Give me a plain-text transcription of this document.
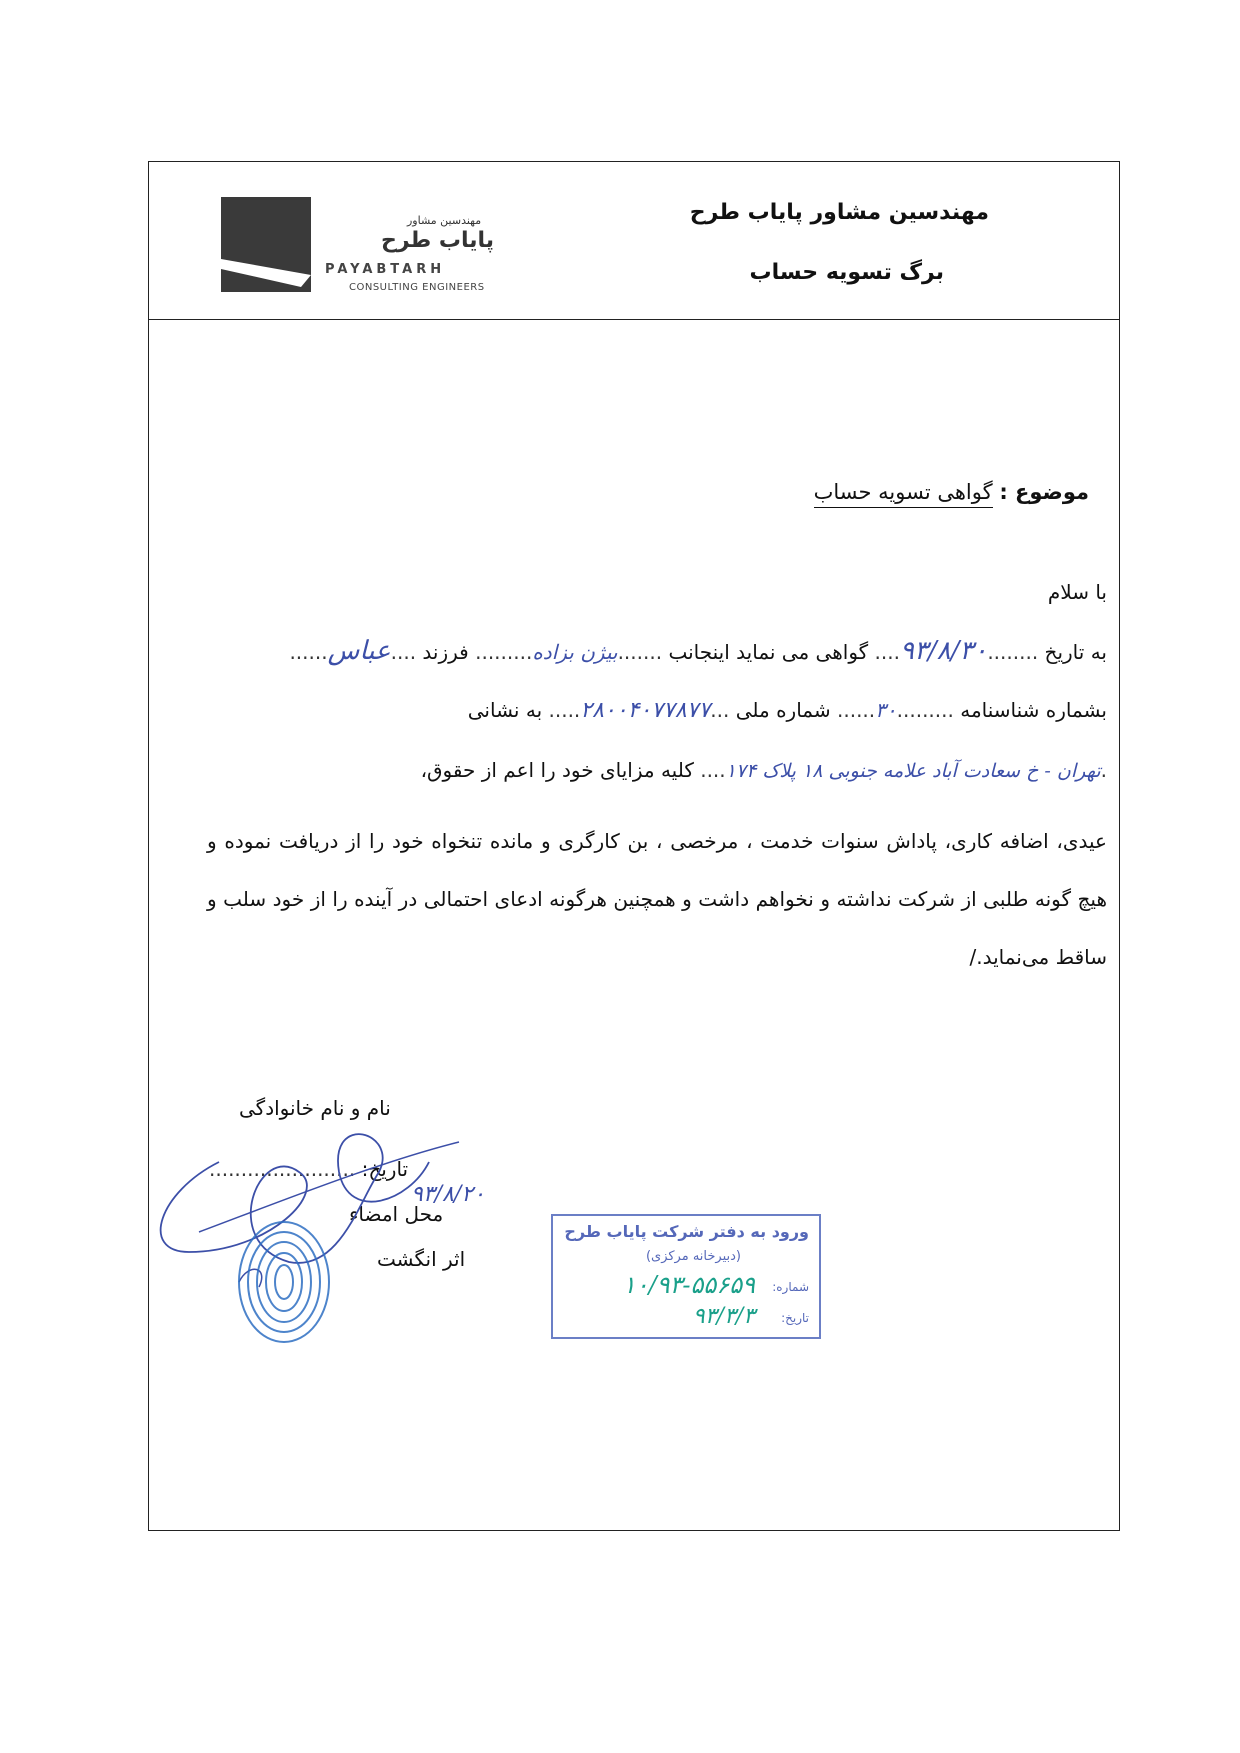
مهندسین مشاور پایاب طرح
برگ تسویه حساب
مهندسین مشاور
پایاب طرح
PAYABTARH
CONSULTING ENGINEERS
موضوع : گواهی تسویه حساب
با سلام
به تاریخ ........۹۳/۸/۳۰.... گواهی می نماید اینجانب .......بیژن بزاده......... فرزند ....عباس......
بشماره شناسنامه .........۳۰...... شماره ملی ...۲۸۰۰۴۰۷۷۸۷۷..... به نشانی
.تهران - خ سعادت آباد علامه جنوبی ۱۸ پلاک ۱۷۴.... کلیه مزایای خود را اعم از حقوق،
عیدی، اضافه کاری، پاداش سنوات خدمت ، مرخصی ، بن کارگری و مانده تنخواه خود را از دریافت نموده و هیچ گونه طلبی از شرکت نداشته و نخواهم داشت و همچنین هرگونه ادعای احتمالی در آینده را از خود سلب و ساقط می‌نماید./
نام و نام خانوادگی
تاریخ: .......................
محل امضاء
اثر انگشت
۹۳/۸/۲۰
ورود به دفتر شرکت پایاب طرح
(دبیرخانه مرکزی)
شماره:
۱۰/۹۳-۵۵۶۵۹
تاریخ:
۹۳/۳/۳
